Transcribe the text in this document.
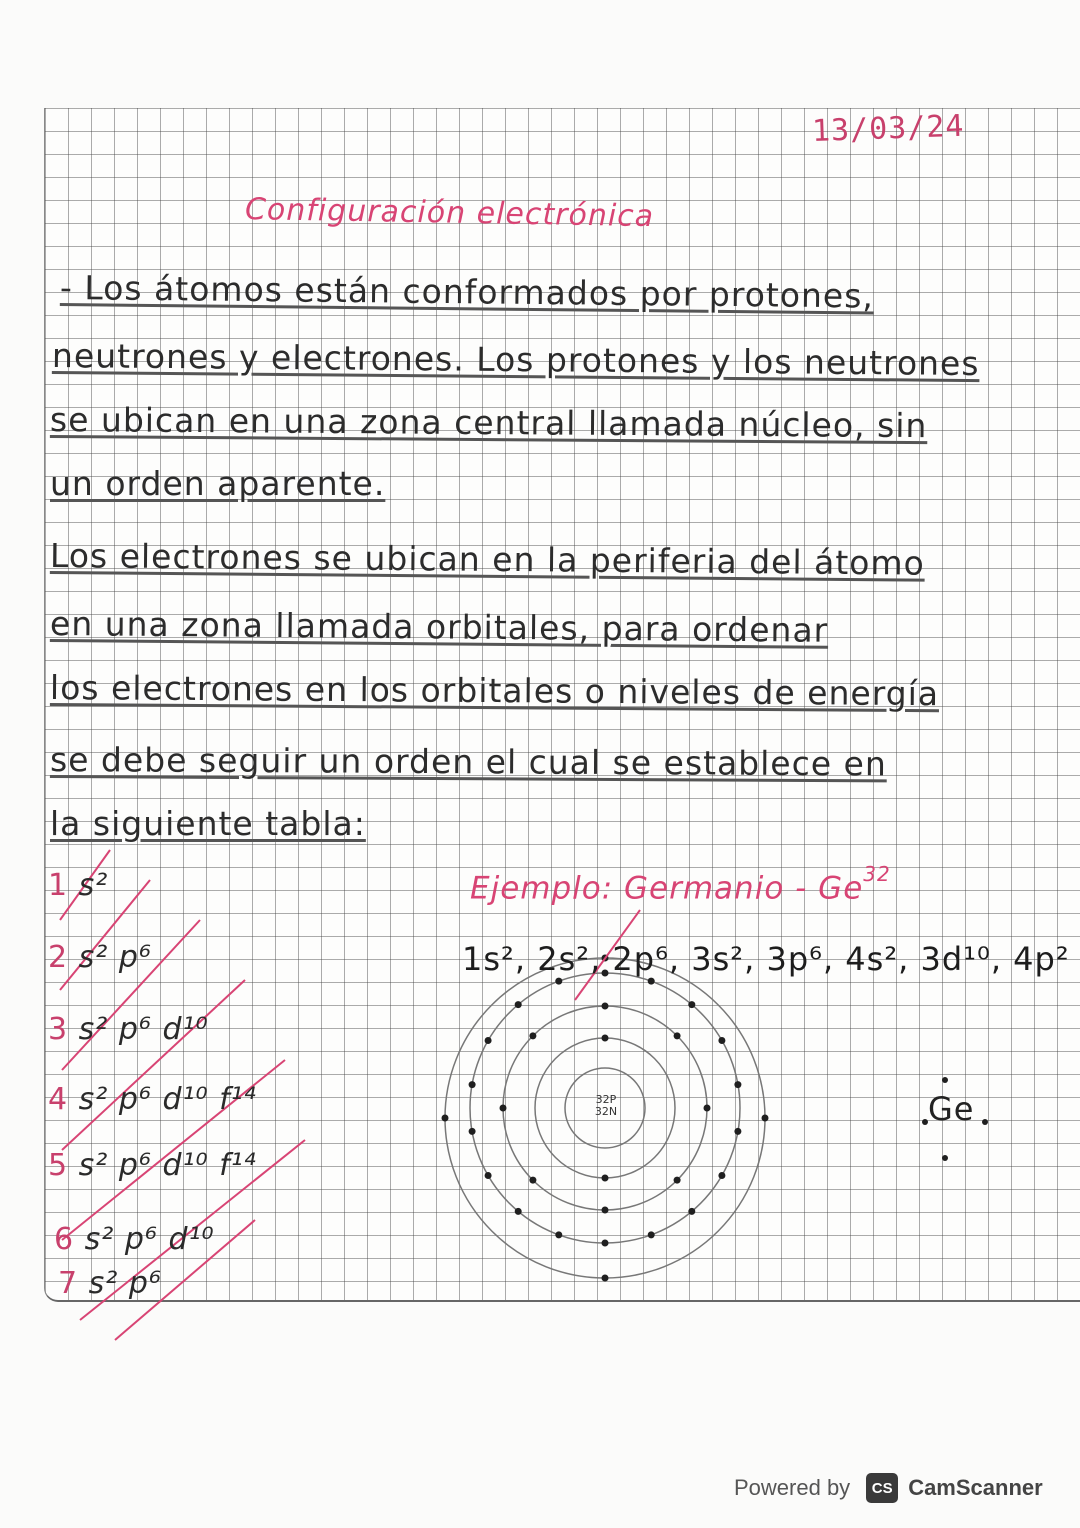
13/03/24
Configuración electrónica
- Los átomos están conformados por protones,
neutrones y electrones. Los protones y los neutrones
se ubican en una zona central llamada núcleo, sin
un orden aparente.
Los electrones se ubican en la periferia del átomo
en una zona llamada orbitales, para ordenar
los electrones en los orbitales o niveles de energía
se debe seguir un orden el cual se establece en
la siguiente tabla:
1 s²
2 s² p⁶
3 s² p⁶ d¹⁰
4 s² p⁶ d¹⁰ f¹⁴
5 s² p⁶ d¹⁰ f¹⁴
6 s² p⁶ d¹⁰
7 s² p⁶
Ejemplo: Germanio - Ge$^{32}$
1s², 2s², 2p⁶, 3s², 3p⁶, 4s², 3d¹⁰, 4p²
32P
32N	Ge
Powered by	CS CamScanner
